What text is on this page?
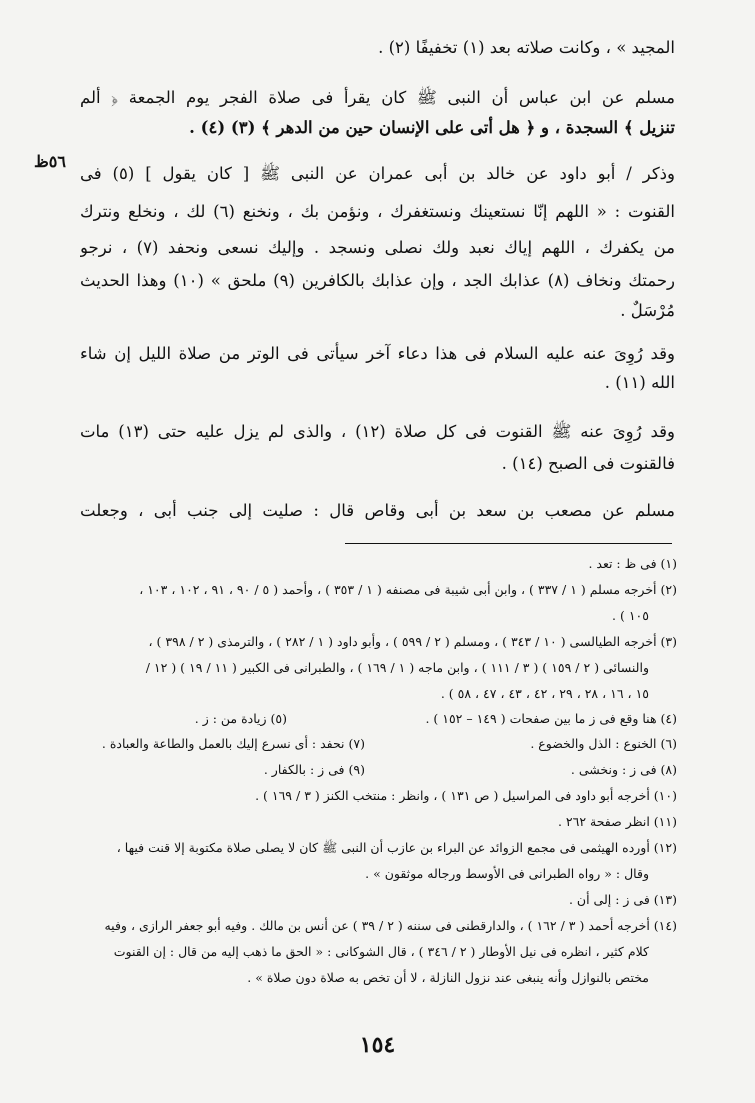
المجيد » ، وكانت صلاته بعد (١) تخفيفًا (٢) .
مسلم عن ابن عباس أن النبى ﷺ كان يقرأ فى صلاة الفجر يوم الجمعة ﴿ ألم
تنزيل ﴾ السجدة ، و ﴿ هل أتى على الإنسان حين من الدهر ﴾ (٣) (٤) .
٥٦ظ
وذكر / أبو داود عن خالد بن أبى عمران عن النبى ﷺ [ كان يقول ] (٥) فى
القنوت : « اللهم إنّا نستعينك ونستغفرك ، ونؤمن بك ، ونخنع (٦) لك ، ونخلع ونترك
من يكفرك ، اللهم إياك نعبد ولك نصلى ونسجد . وإليك نسعى ونحفد (٧) ، نرجو
رحمتك ونخاف (٨) عذابك الجد ، وإن عذابك بالكافرين (٩) ملحق » (١٠) وهذا الحديث
مُرْسَلٌ .
وقد رُوِىَ عنه عليه السلام فى هذا دعاء آخر سيأتى فى الوتر من صلاة الليل إن شاء
الله (١١) .
وقد رُوِىَ عنه ﷺ القنوت فى كل صلاة (١٢) ، والذى لم يزل عليه حتى (١٣) مات
فالقنوت فى الصبح (١٤) .
مسلم عن مصعب بن سعد بن أبى وقاص قال : صليت إلى جنب أبى ، وجعلت
(١) فى ظ : تعد .
(٢) أخرجه مسلم ( ١ / ٣٣٧ ) ، وابن أبى شيبة فى مصنفه ( ١ / ٣٥٣ ) ، وأحمد ( ٥ / ٩٠ ، ٩١ ، ١٠٢ ، ١٠٣ ،
١٠٥ ) .
(٣) أخرجه الطيالسى ( ١٠ / ٣٤٣ ) ، ومسلم ( ٢ / ٥٩٩ ) ، وأبو داود ( ١ / ٢٨٢ ) ، والترمذى ( ٢ / ٣٩٨ ) ،
والنسائى ( ٢ / ١٥٩ ) ( ٣ / ١١١ ) ، وابن ماجه ( ١ / ١٦٩ ) ، والطبرانى فى الكبير ( ١١ / ١٩ ) ( ١٢ /
١٥ ، ١٦ ، ٢٨ ، ٢٩ ، ٤٢ ، ٤٣ ، ٤٧ ، ٥٨ ) .
(٤) هنا وقع فى ز ما بين صفحات ( ١٤٩ – ١٥٢ ) .
(٥) زيادة من : ز .
(٦) الخنوع : الذل والخضوع .
(٧) نحفد : أى نسرع إليك بالعمل والطاعة والعبادة .
(٨) فى ز : ونخشى .
(٩) فى ز : بالكفار .
(١٠) أخرجه أبو داود فى المراسيل ( ص ١٣١ ) ، وانظر : منتخب الكنز ( ٣ / ١٦٩ ) .
(١١) انظر صفحة ٢٦٢ .
(١٢) أورده الهيثمى فى مجمع الزوائد عن البراء بن عازب أن النبى ﷺ كان لا يصلى صلاة مكتوبة إلا قنت فيها ،
وقال : « رواه الطبرانى فى الأوسط ورجاله موثقون » .
(١٣) فى ز : إلى أن .
(١٤) أخرجه أحمد ( ٣ / ١٦٢ ) ، والدارقطنى فى سننه ( ٢ / ٣٩ ) عن أنس بن مالك . وفيه أبو جعفر الرازى ، وفيه
كلام كثير ، انظره فى نيل الأوطار ( ٢ / ٣٤٦ ) ، قال الشوكانى : « الحق ما ذهب إليه من قال : إن القنوت
مختص بالنوازل وأنه ينبغى عند نزول النازلة ، لا أن تخص به صلاة دون صلاة » .
١٥٤
